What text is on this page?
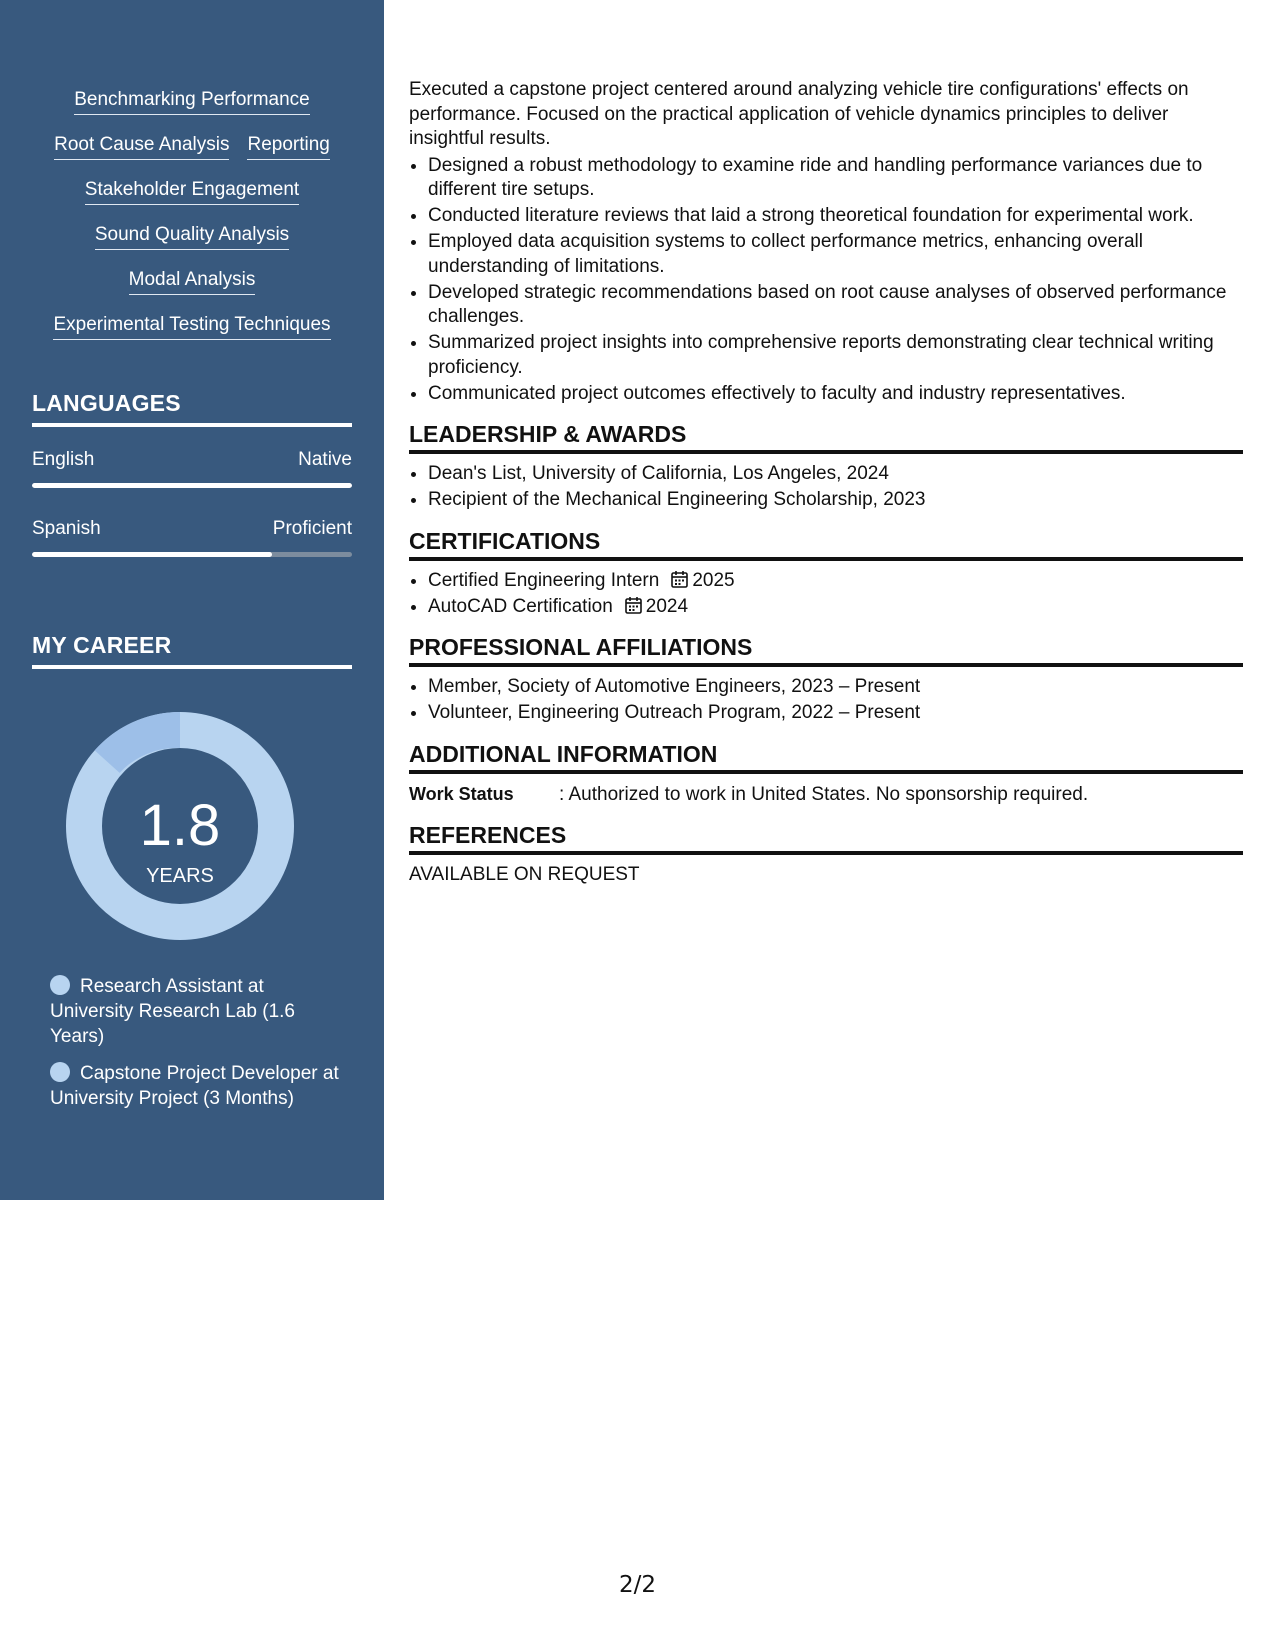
Benchmarking Performance
Root Cause Analysis Reporting
Stakeholder Engagement
Sound Quality Analysis
Modal Analysis
Experimental Testing Techniques
LANGUAGES
English	Native
Spanish	Proficient
MY CAREER
1.8
YEARS
Research Assistant at University Research Lab (1.6 Years)
Capstone Project Developer at University Project (3 Months)

Executed a capstone project centered around analyzing vehicle tire configurations' effects on performance. Focused on the practical application of vehicle dynamics principles to deliver insightful results.

• Designed a robust methodology to examine ride and handling performance variances due to different tire setups.
• Conducted literature reviews that laid a strong theoretical foundation for experimental work.
• Employed data acquisition systems to collect performance metrics, enhancing overall understanding of limitations.
• Developed strategic recommendations based on root cause analyses of observed performance challenges.
• Summarized project insights into comprehensive reports demonstrating clear technical writing proficiency.
• Communicated project outcomes effectively to faculty and industry representatives.
LEADERSHIP & AWARDS
• Dean's List, University of California, Los Angeles, 2024
• Recipient of the Mechanical Engineering Scholarship, 2023
CERTIFICATIONS
• Certified Engineering Intern 2025
• AutoCAD Certification 2024
PROFESSIONAL AFFILIATIONS
• Member, Society of Automotive Engineers, 2023 – Present
• Volunteer, Engineering Outreach Program, 2022 – Present
ADDITIONAL INFORMATION
Work Status : Authorized to work in United States. No sponsorship required.
REFERENCES
AVAILABLE ON REQUEST
2/2
